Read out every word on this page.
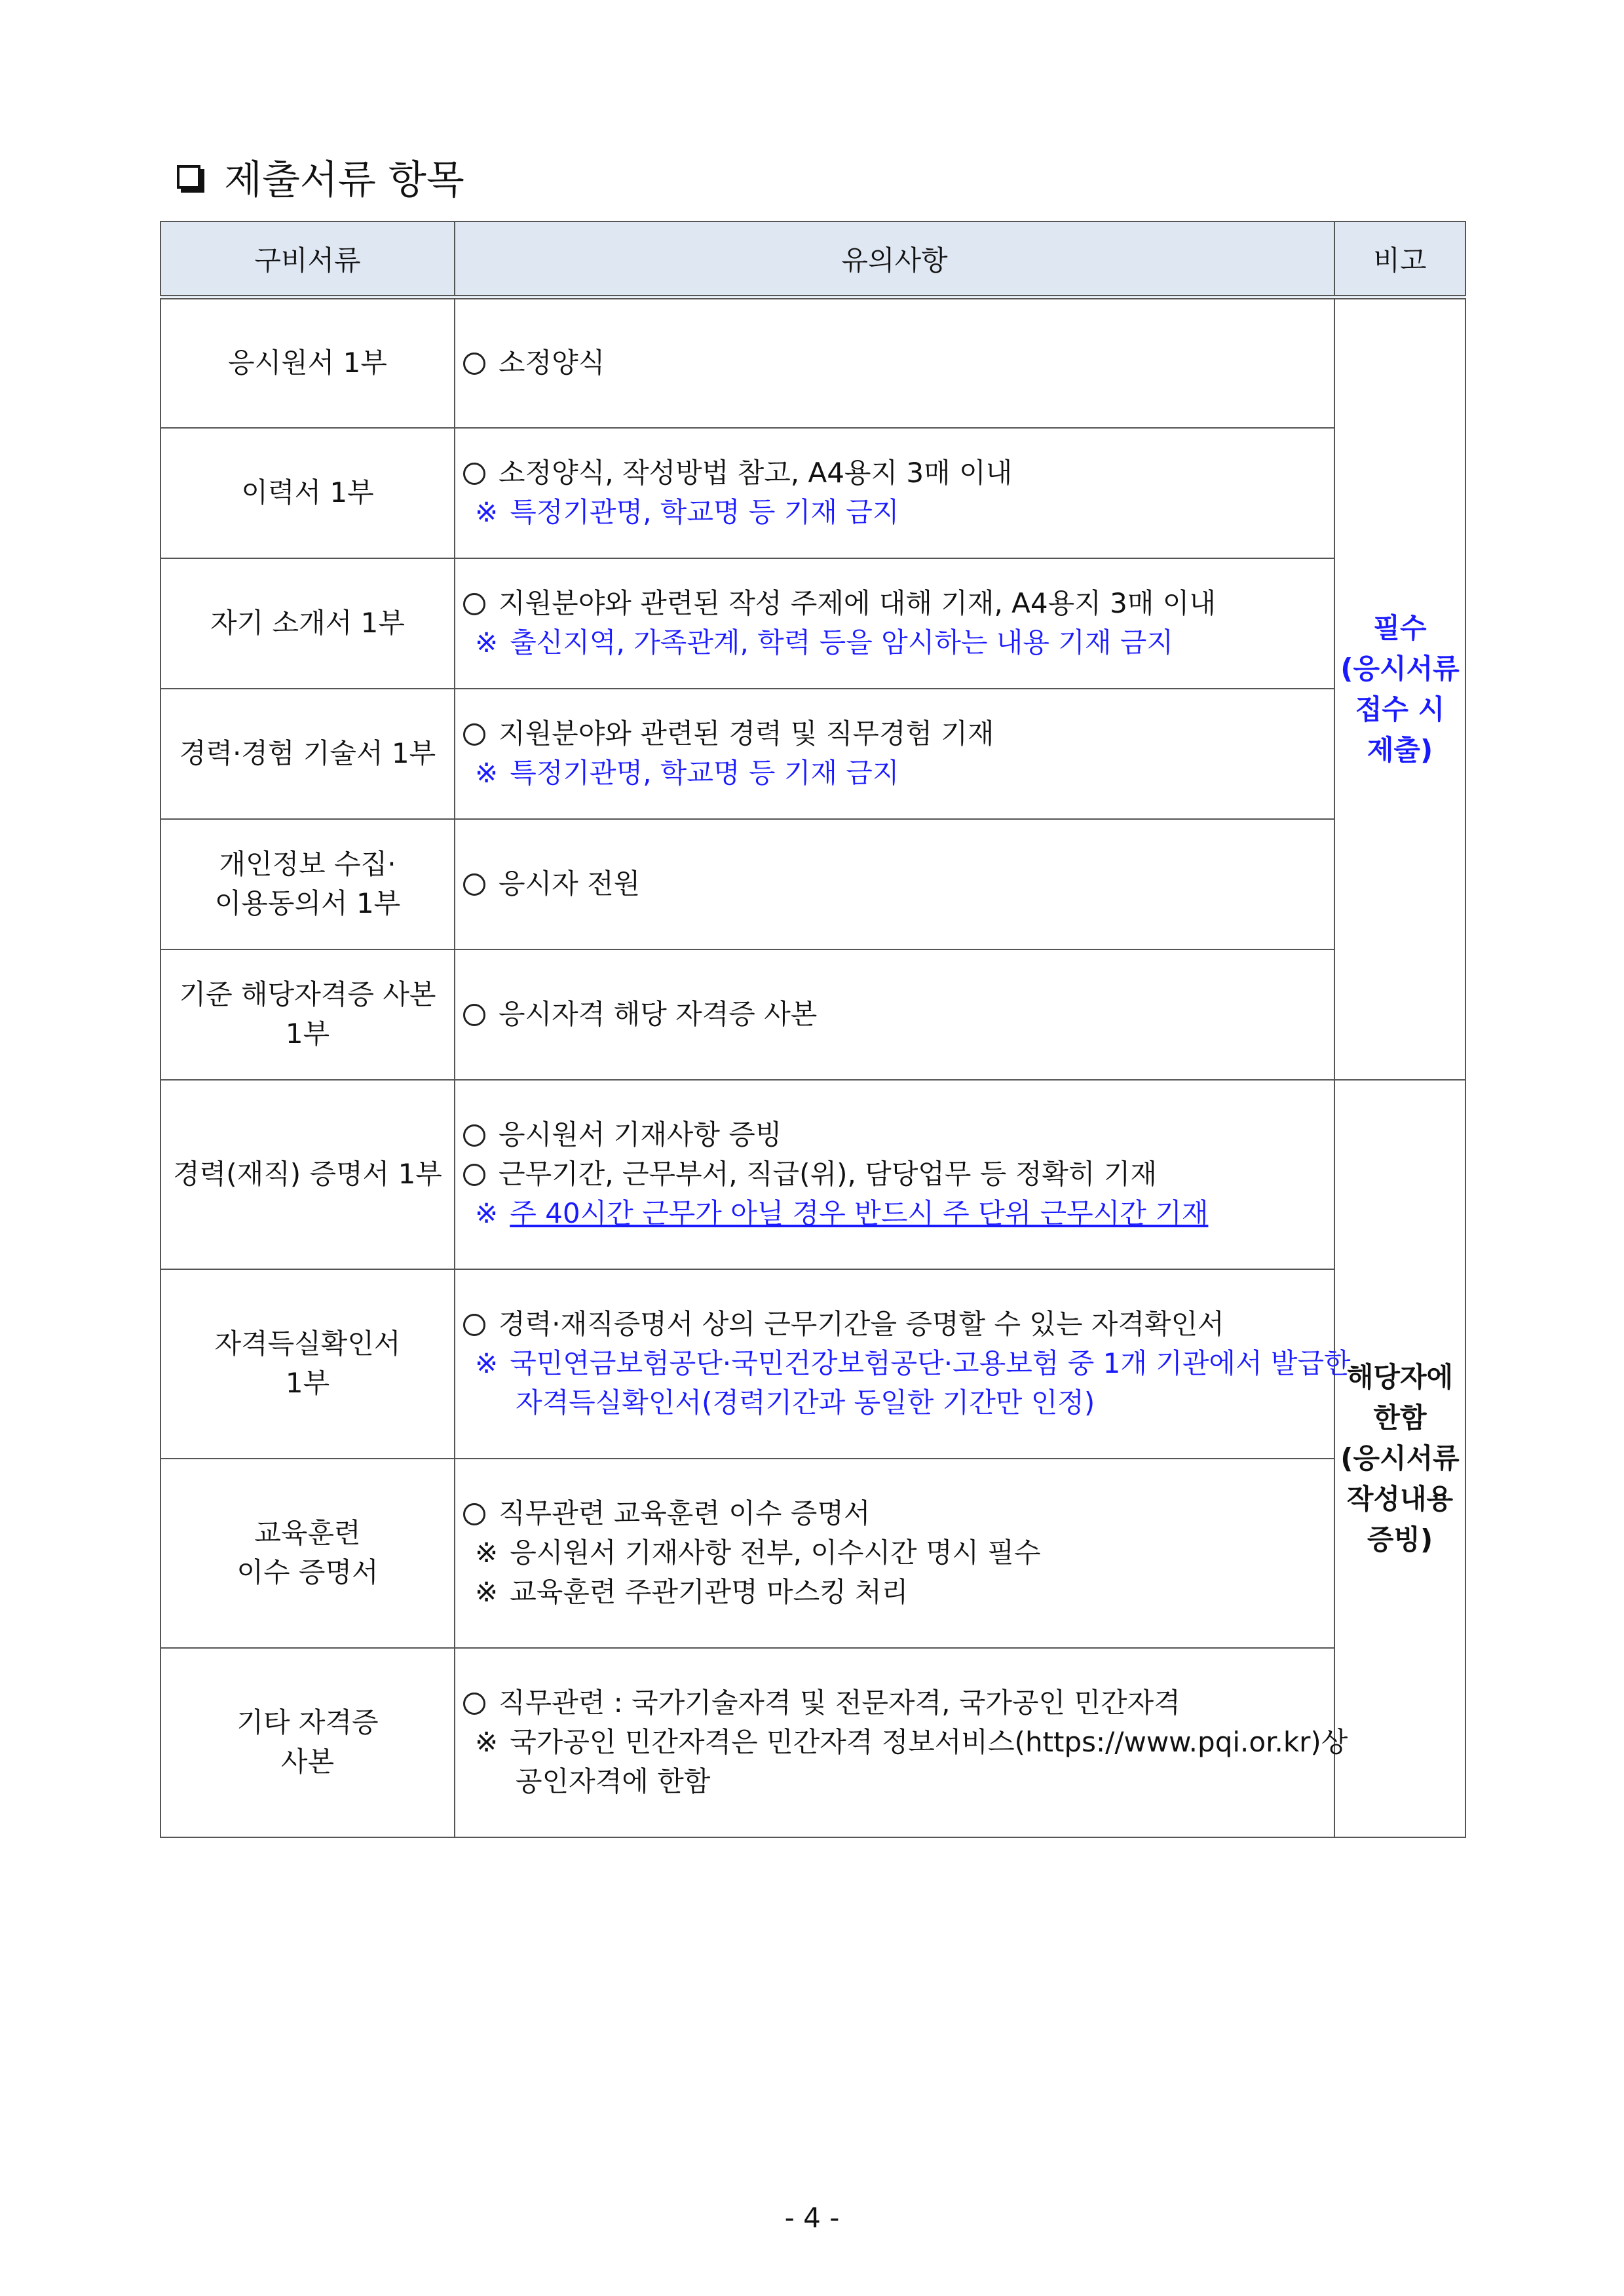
제출서류 항목
구비서류	유의사항	비고

응시원서 1부	소정양식	필수
(응시서류
접수 시
제출)

이력서 1부	소정양식, 작성방법 참고, A4용지 3매 이내
※ 특정기관명, 학교명 등 기재 금지	

자기 소개서 1부	지원분야와 관련된 작성 주제에 대해 기재, A4용지 3매 이내
※ 출신지역, 가족관계, 학력 등을 암시하는 내용 기재 금지	

경력·경험 기술서 1부	지원분야와 관련된 경력 및 직무경험 기재
※ 특정기관명, 학교명 등 기재 금지	

개인정보 수집·
이용동의서 1부	응시자 전원	

기준 해당자격증 사본
1부	응시자격 해당 자격증 사본	

경력(재직) 증명서 1부	응시원서 기재사항 증빙
근무기간, 근무부서, 직급(위), 담당업무 등 정확히 기재
※ 주 40시간 근무가 아닐 경우 반드시 주 단위 근무시간 기재	해당자에
한함
(응시서류
작성내용
증빙)

자격득실확인서
1부	경력·재직증명서 상의 근무기간을 증명할 수 있는 자격확인서
※ 국민연금보험공단·국민건강보험공단·고용보험 중 1개 기관에서 발급한
자격득실확인서(경력기간과 동일한 기간만 인정)	

교육훈련
이수 증명서	직무관련 교육훈련 이수 증명서
※ 응시원서 기재사항 전부, 이수시간 명시 필수
※ 교육훈련 주관기관명 마스킹 처리	

기타 자격증
사본	직무관련 : 국가기술자격 및 전문자격, 국가공인 민간자격
※ 국가공인 민간자격은 민간자격 정보서비스(https://www.pqi.or.kr)상
공인자격에 한함	
- 4 -
